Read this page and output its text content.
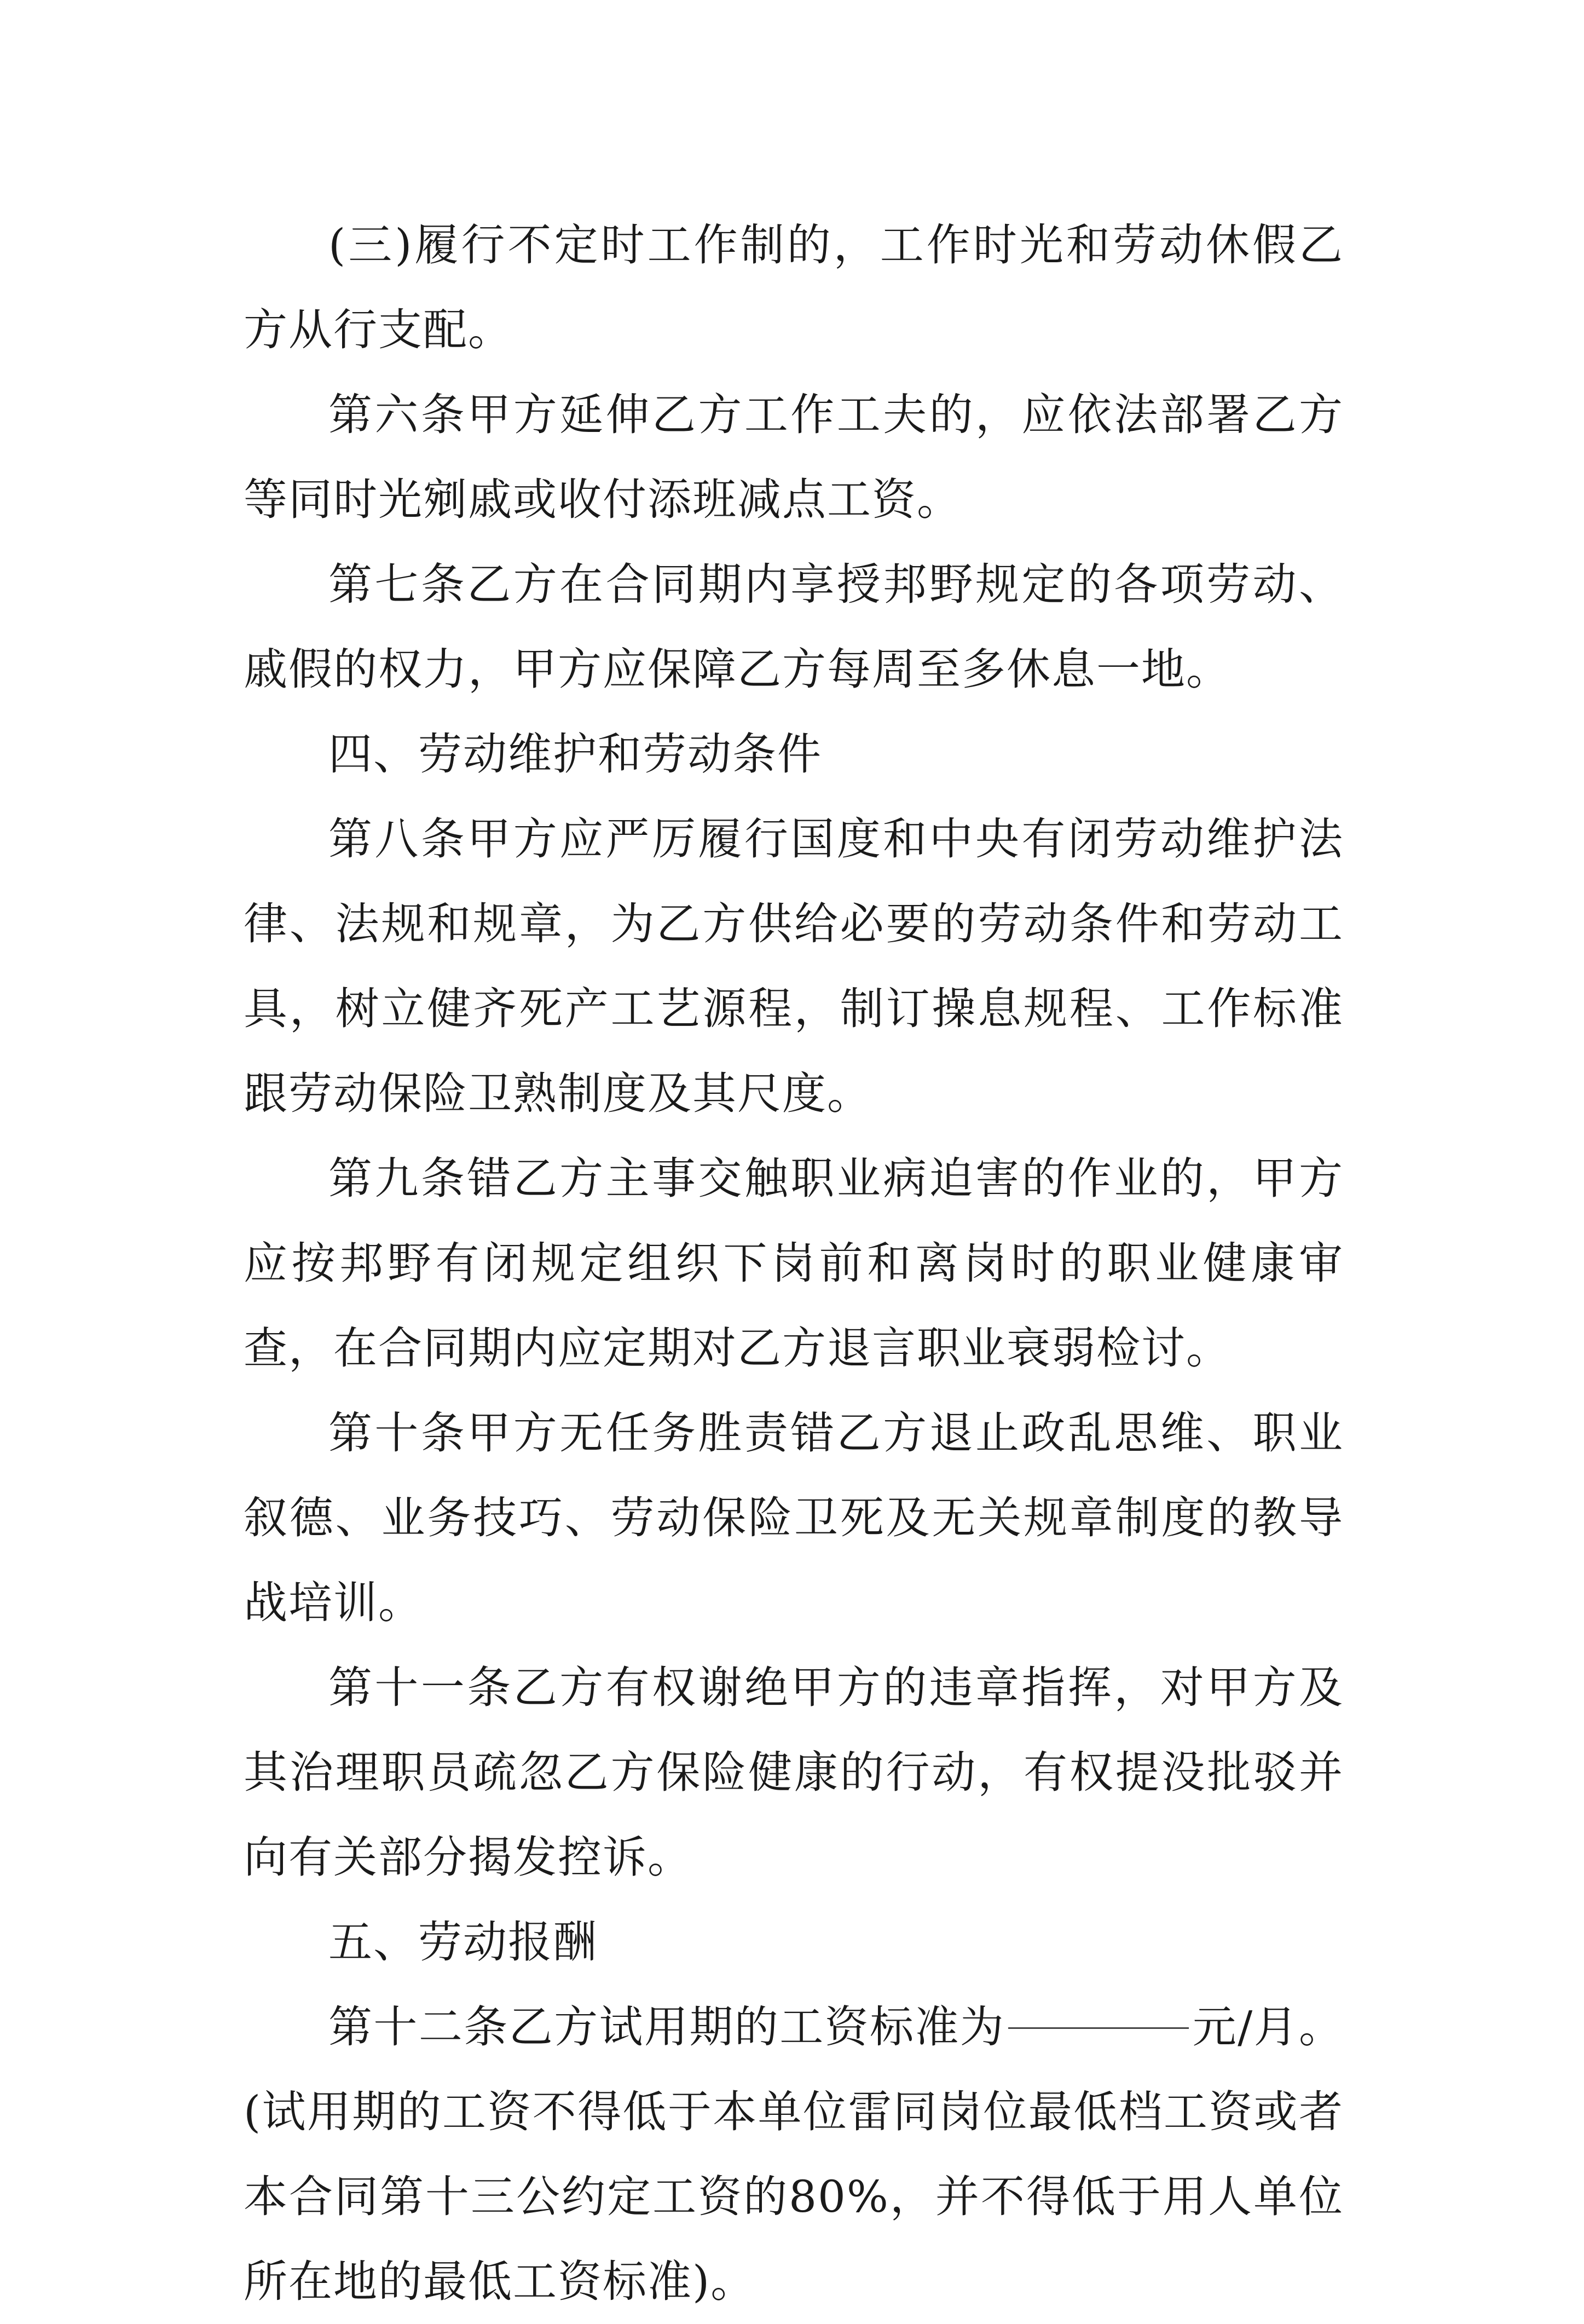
(三)履行不定时工作制的，工作时光和劳动休假乙方从行支配。

第六条甲方延伸乙方工作工夫的，应依法部署乙方等同时光剜戚或收付添班减点工资。

第七条乙方在合同期内享授邦野规定的各项劳动、戚假的权力，甲方应保障乙方每周至多休息一地。

四、劳动维护和劳动条件

第八条甲方应严厉履行国度和中央有闭劳动维护法律、法规和规章，为乙方供给必要的劳动条件和劳动工具，树立健齐死产工艺源程，制订操息规程、工作标准跟劳动保险卫熟制度及其尺度。

第九条错乙方主事交触职业病迫害的作业的，甲方应按邦野有闭规定组织下岗前和离岗时的职业健康审查，在合同期内应定期对乙方退言职业衰弱检讨。

第十条甲方无任务胜责错乙方退止政乱思维、职业叙德、业务技巧、劳动保险卫死及无关规章制度的教导战培训。

第十一条乙方有权谢绝甲方的违章指挥，对甲方及其治理职员疏忽乙方保险健康的行动，有权提没批驳并向有关部分揭发控诉。

五、劳动报酬

第十二条乙方试用期的工资标准为	元/月。(试用期的工资不得低于本单位雷同岗位最低档工资或者本合同第十三公约定工资的80%，并不得低于用人单位所在地的最低工资标准)。
